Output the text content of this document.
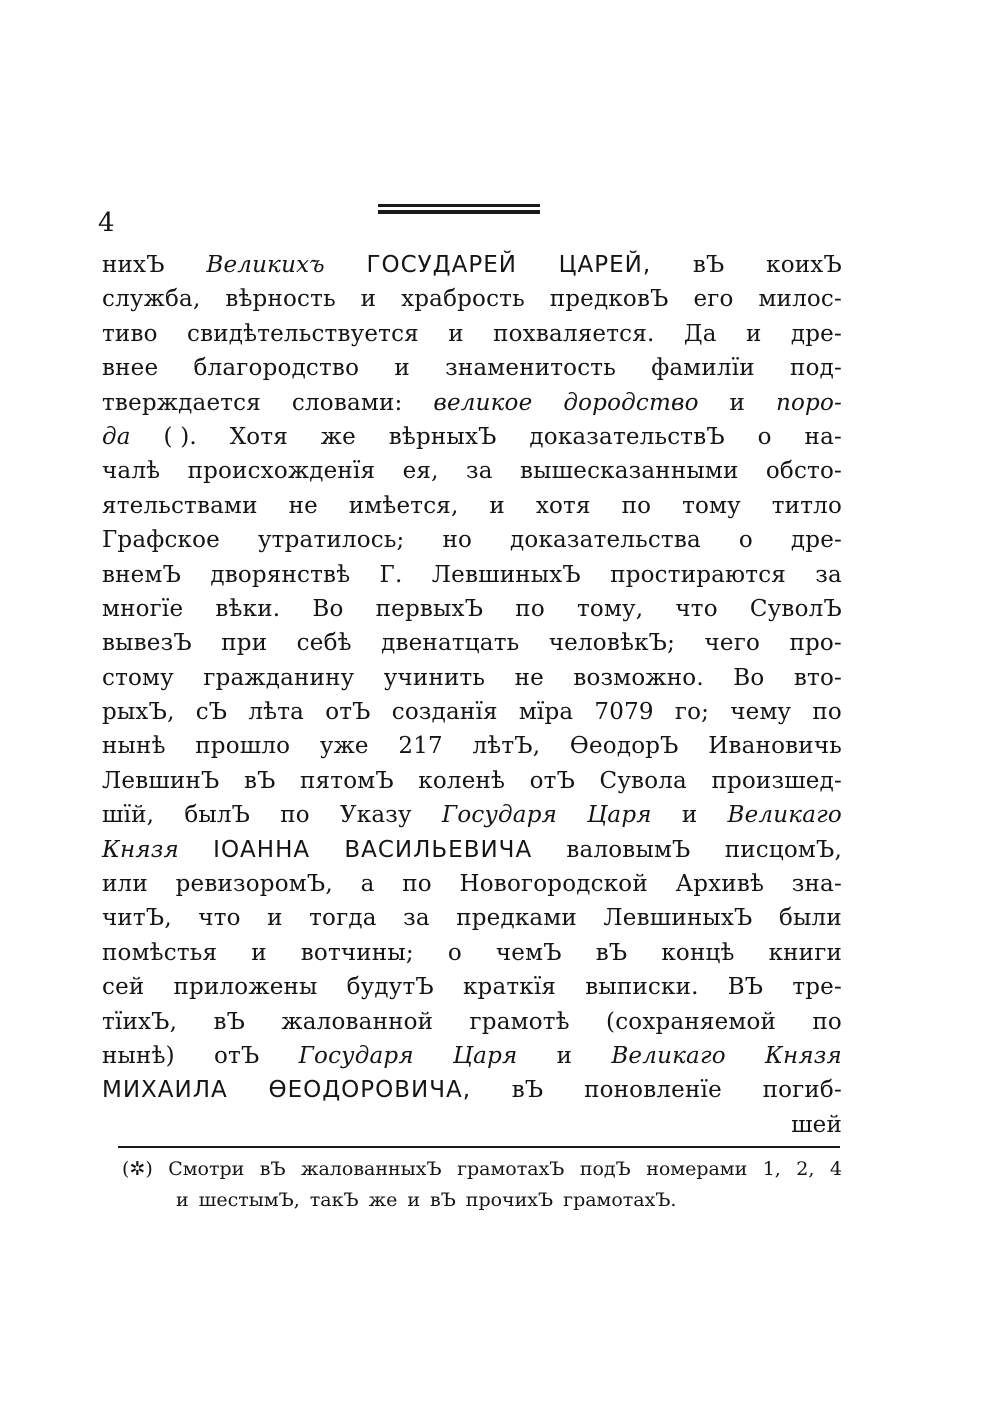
4
нихЪ Великихъ ГОСУДАРЕЙ ЦАРЕЙ, вЪ коихЪ
служба, вѣрность и храбрость предковЪ его милос-
тиво свидѣтельствуется и похваляется. Да и дре-
внее благородство и знаменитость фамилїи под-
тверждается словами: великое дородство и порo-
да ( ). Хотя же вѣрныхЪ доказательствЪ о на-
чалѣ происхожденїя ея, за вышесказанными обсто-
ятельствами не имѣется, и хотя по тому титло
Графское утратилось; но доказательства о дре-
внемЪ дворянствѣ Г. ЛевшиныхЪ простираются за
многїе вѣки. Во первыхЪ по тому, что СуволЪ
вывезЪ при себѣ двенатцать человѣкЪ; чего про-
стому гражданину учинить не возможно. Во вто-
рыхЪ, сЪ лѣта отЪ созданїя мїра 7079 го; чему по
нынѣ прошло уже 217 лѣтЪ, ѲеодорЪ Ивановичь
ЛевшинЪ вЪ пятомЪ коленѣ отЪ Сувола произшед-
шїй, былЪ по Указу Государя Царя и Великаго
Князя ІОАННА ВАСИЛЬЕВИЧА валовымЪ писцомЪ,
или ревизоромЪ, а по Новогородской Архивѣ зна-
читЪ, что и тогда за предками ЛевшиныхЪ были
помѣстья и вотчины; о чемЪ вЪ концѣ книги
сей приложены будутЪ краткїя выписки. ВЪ тре-
тїихЪ, вЪ жалованной грамотѣ (сохраняемой по
нынѣ) отЪ Государя Царя и Великаго Князя
МИХАИЛА ѲЕОДОРОВИЧА, вЪ поновленїе погиб-
шей
(✲) Смотри вЪ жалованныхЪ грамотахЪ подЪ номерами 1, 2, 4
и шестымЪ, такЪ же и вЪ прочихЪ грамотахЪ.
